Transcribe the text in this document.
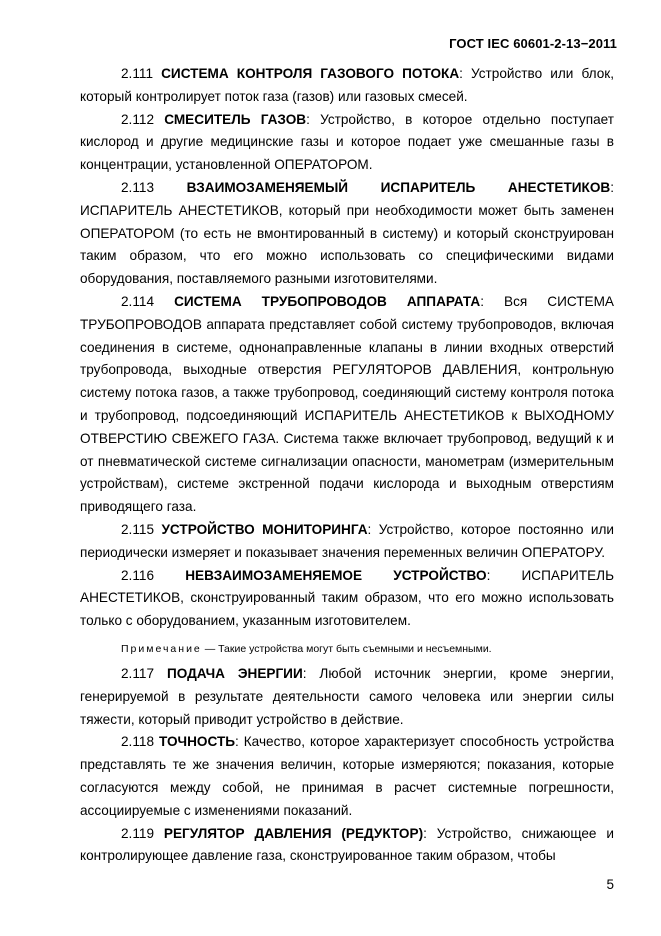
ГОСТ IEC 60601-2-13−2011

2.111 СИСТЕМА КОНТРОЛЯ ГАЗОВОГО ПОТОКА: Устройство или блок, который контролирует поток газа (газов) или газовых смесей.

2.112 СМЕСИТЕЛЬ ГАЗОВ: Устройство, в которое отдельно поступает кислород и другие медицинские газы и которое подает уже смешанные газы в концентрации, установленной ОПЕРАТОРОМ.

2.113 ВЗАИМОЗАМЕНЯЕМЫЙ ИСПАРИТЕЛЬ АНЕСТЕТИКОВ: ИСПАРИТЕЛЬ АНЕСТЕТИКОВ, который при необходимости может быть заменен ОПЕРАТОРОМ (то есть не вмонтированный в систему) и который сконструирован таким образом, что его можно использовать со специфическими видами оборудования, поставляемого разными изготовителями.

2.114 СИСТЕМА ТРУБОПРОВОДОВ АППАРАТА: Вся СИСТЕМА ТРУБОПРОВОДОВ аппарата представляет собой систему трубопроводов, включая соединения в системе, однонаправленные клапаны в линии входных отверстий трубопровода, выходные отверстия РЕГУЛЯТОРОВ ДАВЛЕНИЯ, контрольную систему потока газов, а также трубопровод, соединяющий систему контроля потока и трубопровод, подсоединяющий ИСПАРИТЕЛЬ АНЕСТЕТИКОВ к ВЫХОДНОМУ ОТВЕРСТИЮ СВЕЖЕГО ГАЗА. Система также включает трубопровод, ведущий к и от пневматической системе сигнализации опасности, манометрам (измерительным устройствам), системе экстренной подачи кислорода и выходным отверстиям приводящего газа.

2.115 УСТРОЙСТВО МОНИТОРИНГА: Устройство, которое постоянно или периодически измеряет и показывает значения переменных величин ОПЕРАТОРУ.

2.116 НЕВЗАИМОЗАМЕНЯЕМОЕ УСТРОЙСТВО: ИСПАРИТЕЛЬ АНЕСТЕТИКОВ, сконструированный таким образом, что его можно использовать только с оборудованием, указанным изготовителем.

Примечание — Такие устройства могут быть съемными и несъемными.

2.117 ПОДАЧА ЭНЕРГИИ: Любой источник энергии, кроме энергии, генерируемой в результате деятельности самого человека или энергии силы тяжести, который приводит устройство в действие.

2.118 ТОЧНОСТЬ: Качество, которое характеризует способность устройства представлять те же значения величин, которые измеряются; показания, которые согласуются между собой, не принимая в расчет системные погрешности, ассоциируемые с изменениями показаний.

2.119 РЕГУЛЯТОР ДАВЛЕНИЯ (РЕДУКТОР): Устройство, снижающее и контролирующее давление газа, сконструированное таким образом, чтобы

5
